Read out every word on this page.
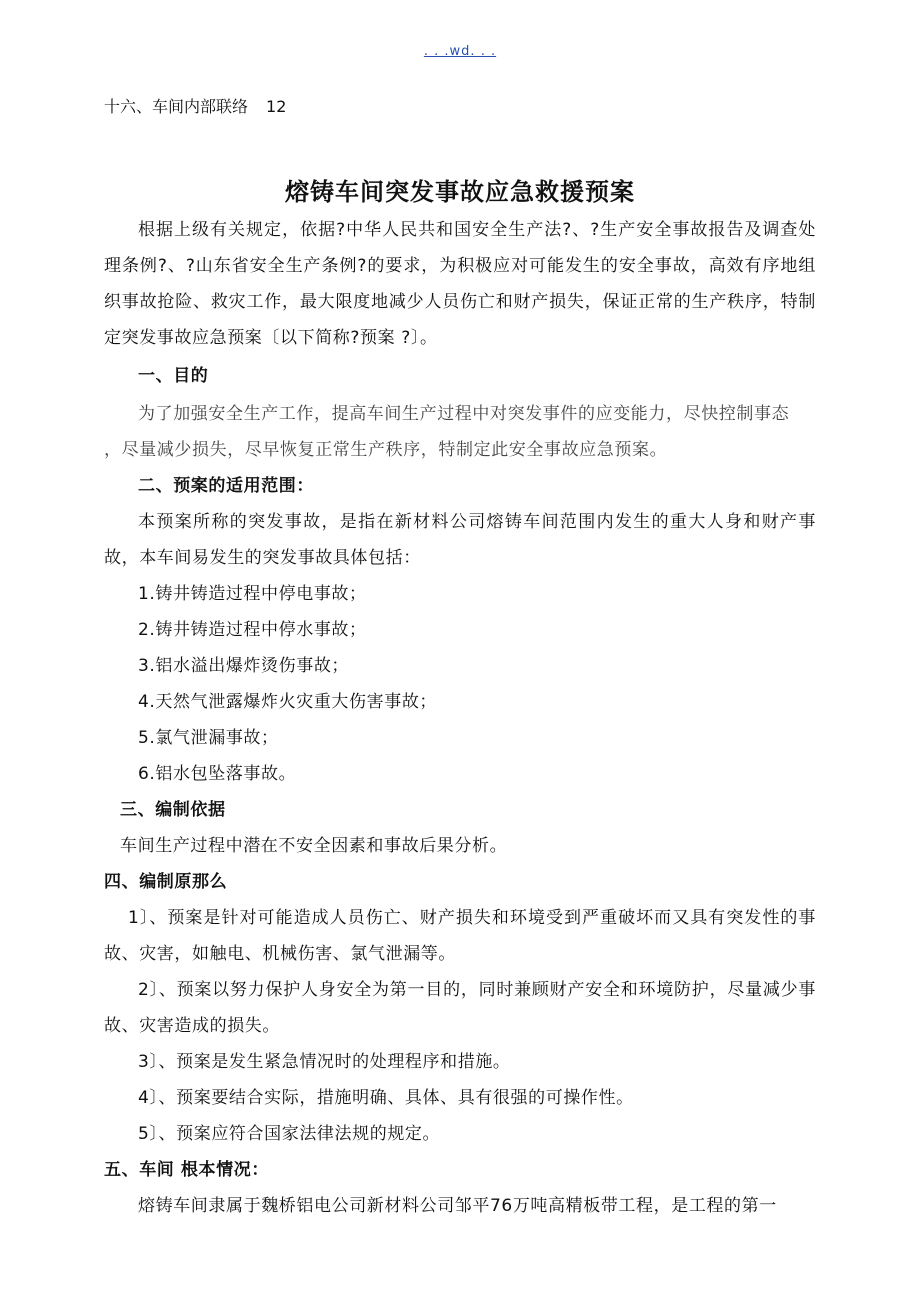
. . .wd. . .
十六、车间内部联络 12
熔铸车间突发事故应急救援预案
根据上级有关规定，依据?中华人民共和国安全生产法?、?生产安全事故报告及调查处理条例?、?山东省安全生产条例?的要求，为积极应对可能发生的安全事故，高效有序地组织事故抢险、救灾工作，最大限度地减少人员伤亡和财产损失，保证正常的生产秩序，特制定突发事故应急预案〔以下简称?预案 ?〕。
一、目的
为了加强安全生产工作，提高车间生产过程中对突发事件的应变能力，尽快控制事态
，尽量减少损失，尽早恢复正常生产秩序，特制定此安全事故应急预案。
二、预案的适用范围：
本预案所称的突发事故，是指在新材料公司熔铸车间范围内发生的重大人身和财产事故，本车间易发生的突发事故具体包括：
1.铸井铸造过程中停电事故；
2.铸井铸造过程中停水事故；
3.铝水溢出爆炸烫伤事故；
4.天然气泄露爆炸火灾重大伤害事故；
5.氯气泄漏事故；
6.铝水包坠落事故。
三、编制依据
车间生产过程中潜在不安全因素和事故后果分析。
四、编制原那么
1〕、预案是针对可能造成人员伤亡、财产损失和环境受到严重破坏而又具有突发性的事故、灾害，如触电、机械伤害、氯气泄漏等。
2〕、预案以努力保护人身安全为第一目的，同时兼顾财产安全和环境防护，尽量减少事故、灾害造成的损失。
3〕、预案是发生紧急情况时的处理程序和措施。
4〕、预案要结合实际，措施明确、具体、具有很强的可操作性。
5〕、预案应符合国家法律法规的规定。
五、车间 根本情况：
熔铸车间隶属于魏桥铝电公司新材料公司邹平76万吨高精板带工程，是工程的第一
